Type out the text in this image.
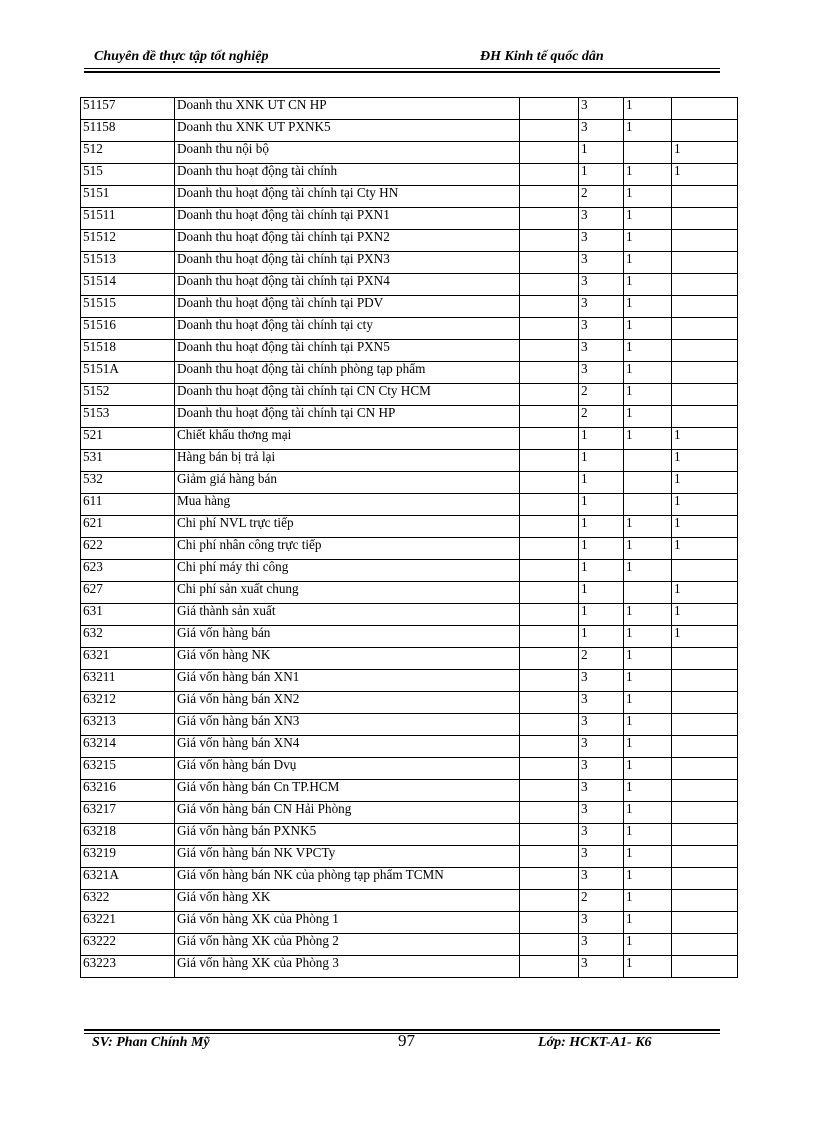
Chuyên đề thực tập tốt nghiệp	ĐH Kinh tế quốc dân
51157	Doanh thu XNK UT CN HP		3	1	
51158	Doanh thu XNK UT PXNK5		3	1	
512	Doanh thu nội bộ		1		1
515	Doanh thu hoạt động tài chính		1	1	1
5151	Doanh thu hoạt động tài chính tại Cty HN		2	1	
51511	Doanh thu hoạt động tài chính tại PXN1		3	1	
51512	Doanh thu hoạt động tài chính tại PXN2		3	1	
51513	Doanh thu hoạt động tài chính tại PXN3		3	1	
51514	Doanh thu hoạt động tài chính tại PXN4		3	1	
51515	Doanh thu hoạt động tài chính tại PDV		3	1	
51516	Doanh thu hoạt động tài chính tại cty		3	1	
51518	Doanh thu hoạt động tài chính tại PXN5		3	1	
5151A	Doanh thu hoạt động tài chính phòng tạp phẩm		3	1	
5152	Doanh thu hoạt động tài chính tại CN Cty HCM		2	1	
5153	Doanh thu hoạt động tài chính tại CN HP		2	1	
521	Chiết khấu thơng mại		1	1	1
531	Hàng bán bị trả lại		1		1
532	Giảm giá hàng bán		1		1
611	Mua hàng		1		1
621	Chi phí NVL trực tiếp		1	1	1
622	Chi phí nhân công trực tiếp		1	1	1
623	Chi phí máy thi công		1	1	
627	Chi phí sản xuất chung		1		1
631	Giá thành sản xuất		1	1	1
632	Giá vốn hàng bán		1	1	1
6321	Giá vốn hàng NK		2	1	
63211	Giá vốn hàng bán XN1		3	1	
63212	Giá vốn hàng bán XN2		3	1	
63213	Giá vốn hàng bán XN3		3	1	
63214	Giá vốn hàng bán XN4		3	1	
63215	Giá vốn hàng bán Dvụ		3	1	
63216	Giá vốn hàng bán Cn TP.HCM		3	1	
63217	Giá vốn hàng bán CN Hải Phòng		3	1	
63218	Giá vốn hàng bán PXNK5		3	1	
63219	Giá vốn hàng bán NK VPCTy		3	1	
6321A	Giá vốn hàng bán NK của phòng tạp phẩm TCMN		3	1	
6322	Giá vốn hàng XK		2	1	
63221	Giá vốn hàng XK của Phòng 1		3	1	
63222	Giá vốn hàng XK của Phòng 2		3	1	
63223	Giá vốn hàng XK của Phòng 3		3	1	
SV: Phan Chính Mỹ	97	Lớp: HCKT-A1- K6
